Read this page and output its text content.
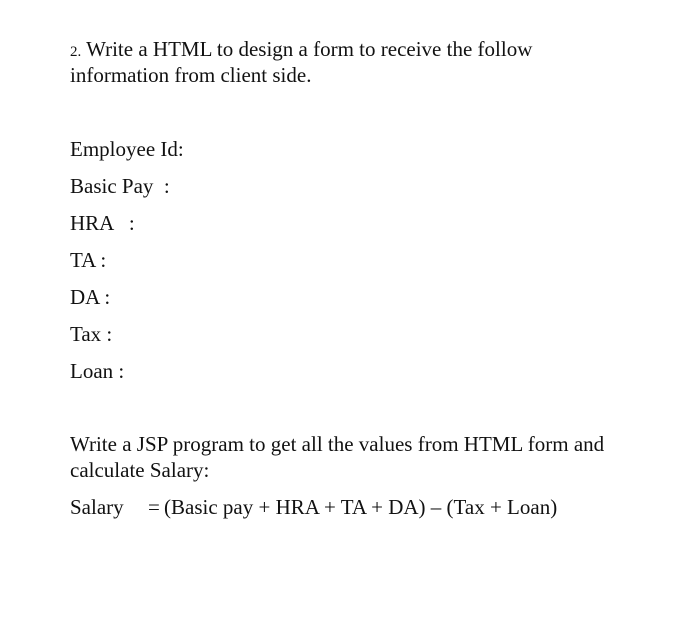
2. Write a HTML to design a form to receive the follow
information from client side.
Employee Id:
Basic Pay  :
HRA   :
TA :
DA :
Tax :
Loan :
Write a JSP program to get all the values from HTML form and
calculate Salary:
Salary = (Basic pay + HRA + TA + DA) – (Tax + Loan)
